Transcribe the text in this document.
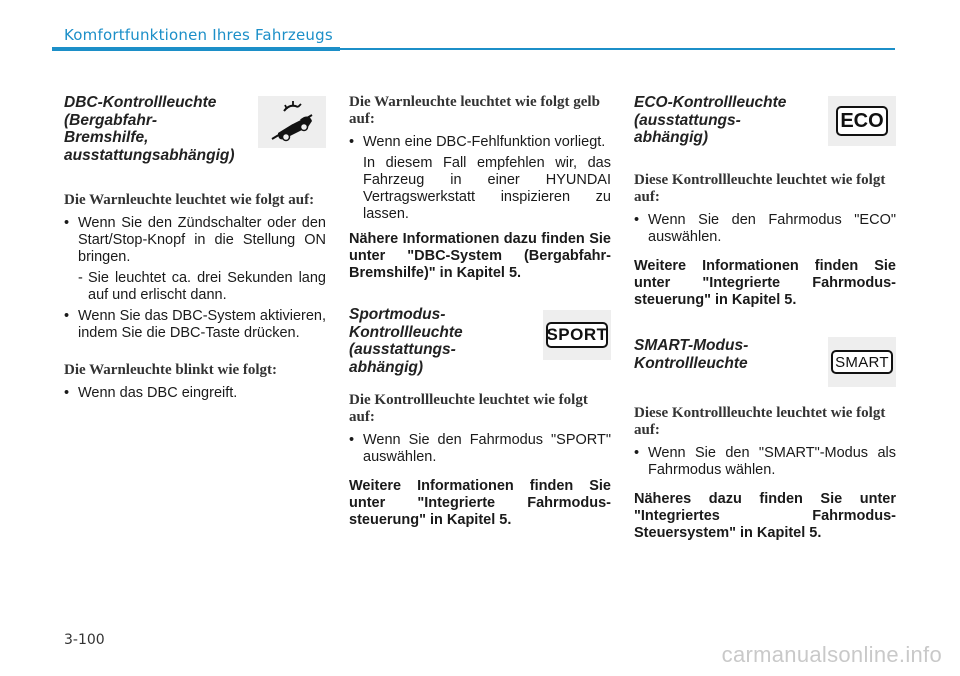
Komfortfunktionen Ihres Fahrzeugs
DBC-Kontrollleuchte
(Bergabfahr-
Bremshilfe,
ausstattungsabhängig)
Die Warnleuchte leuchtet wie folgt auf:
• Wenn Sie den Zündschalter oder den Start/Stop-Knopf in die Stellung ON bringen.
- Sie leuchtet ca. drei Sekunden lang auf und erlischt dann.
• Wenn Sie das DBC-System aktivieren, indem Sie die DBC-Taste drücken.
Die Warnleuchte blinkt wie folgt:
• Wenn das DBC eingreift.
Die Warnleuchte leuchtet wie folgt gelb auf:
• Wenn eine DBC-Fehlfunktion vorliegt.
In diesem Fall empfehlen wir, das Fahrzeug in einer HYUNDAI Vertragswerkstatt inspizieren zu lassen.
Nähere Informationen dazu finden Sie unter "DBC-System (Bergabfahr-Bremshilfe)" in Kapitel 5.
Sportmodus-
Kontrollleuchte
(ausstattungs-
abhängig)
SPORT
Die Kontrollleuchte leuchtet wie folgt auf:
• Wenn Sie den Fahrmodus "SPORT" auswählen.
Weitere Informationen finden Sie unter "Integrierte Fahrmodus-steuerung" in Kapitel 5.
ECO-Kontrollleuchte
(ausstattungs-
abhängig)
ECO
Diese Kontrollleuchte leuchtet wie folgt auf:
• Wenn Sie den Fahrmodus "ECO" auswählen.
Weitere Informationen finden Sie unter "Integrierte Fahrmodus-steuerung" in Kapitel 5.
SMART-Modus-
Kontrollleuchte	SMART
Diese Kontrollleuchte leuchtet wie folgt auf:
• Wenn Sie den "SMART"-Modus als Fahrmodus wählen.
Näheres dazu finden Sie unter "Integriertes Fahrmodus-Steuersystem" in Kapitel 5.
3-100
carmanualsonline.info
